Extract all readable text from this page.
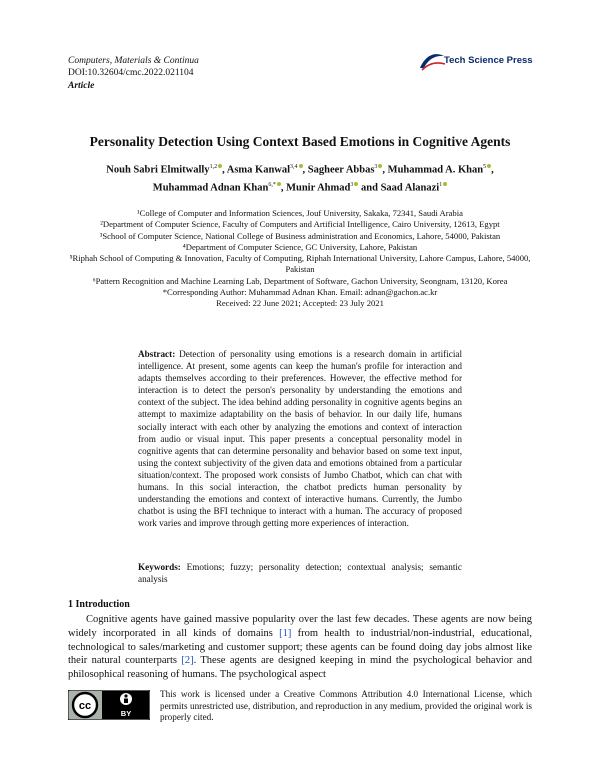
Computers, Materials & Continua
DOI:10.32604/cmc.2022.021104
Article
Tech Science Press
Personality Detection Using Context Based Emotions in Cognitive Agents
Nouh Sabri Elmitwally$^{1,2}$ , Asma Kanwal$^{3,4}$ , Sagheer Abbas$^3$ , Muhammad A. Khan$^5$ ,
Muhammad Adnan Khan$^{6,*}$ , Munir Ahmad$^3$ and Saad Alanazi$^1$
¹College of Computer and Information Sciences, Jouf University, Sakaka, 72341, Saudi Arabia
²Department of Computer Science, Faculty of Computers and Artificial Intelligence, Cairo University, 12613, Egypt
³School of Computer Science, National College of Business administration and Economics, Lahore, 54000, Pakistan
⁴Department of Computer Science, GC University, Lahore, Pakistan
⁵Riphah School of Computing & Innovation, Faculty of Computing, Riphah International University, Lahore Campus, Lahore, 54000, Pakistan
⁶Pattern Recognition and Machine Learning Lab, Department of Software, Gachon University, Seongnam, 13120, Korea
*Corresponding Author: Muhammad Adnan Khan. Email: adnan@gachon.ac.kr
Received: 22 June 2021; Accepted: 23 July 2021
Abstract: Detection of personality using emotions is a research domain in artificial intelligence. At present, some agents can keep the human's profile for interaction and adapts themselves according to their preferences. However, the effective method for interaction is to detect the person's personality by understanding the emotions and context of the subject. The idea behind adding personality in cognitive agents begins an attempt to maximize adaptability on the basis of behavior. In our daily life, humans socially interact with each other by analyzing the emotions and context of interaction from audio or visual input. This paper presents a conceptual personality model in cognitive agents that can determine personality and behavior based on some text input, using the context subjectivity of the given data and emotions obtained from a particular situation/context. The proposed work consists of Jumbo Chatbot, which can chat with humans. In this social interaction, the chatbot predicts human personality by understanding the emotions and context of interactive humans. Currently, the Jumbo chatbot is using the BFI technique to interact with a human. The accuracy of proposed work varies and improve through getting more experiences of interaction.
Keywords: Emotions; fuzzy; personality detection; contextual analysis; semantic analysis
1 Introduction
Cognitive agents have gained massive popularity over the last few decades. These agents are now being widely incorporated in all kinds of domains [1] from health to industrial/non-industrial, educational, technological to sales/marketing and customer support; these agents can be found doing day jobs almost like their natural counterparts [2]. These agents are designed keeping in mind the psychological behavior and philosophical reasoning of humans. The psychological aspect
cc
BY
This work is licensed under a Creative Commons Attribution 4.0 International License, which permits unrestricted use, distribution, and reproduction in any medium, provided the original work is properly cited.
